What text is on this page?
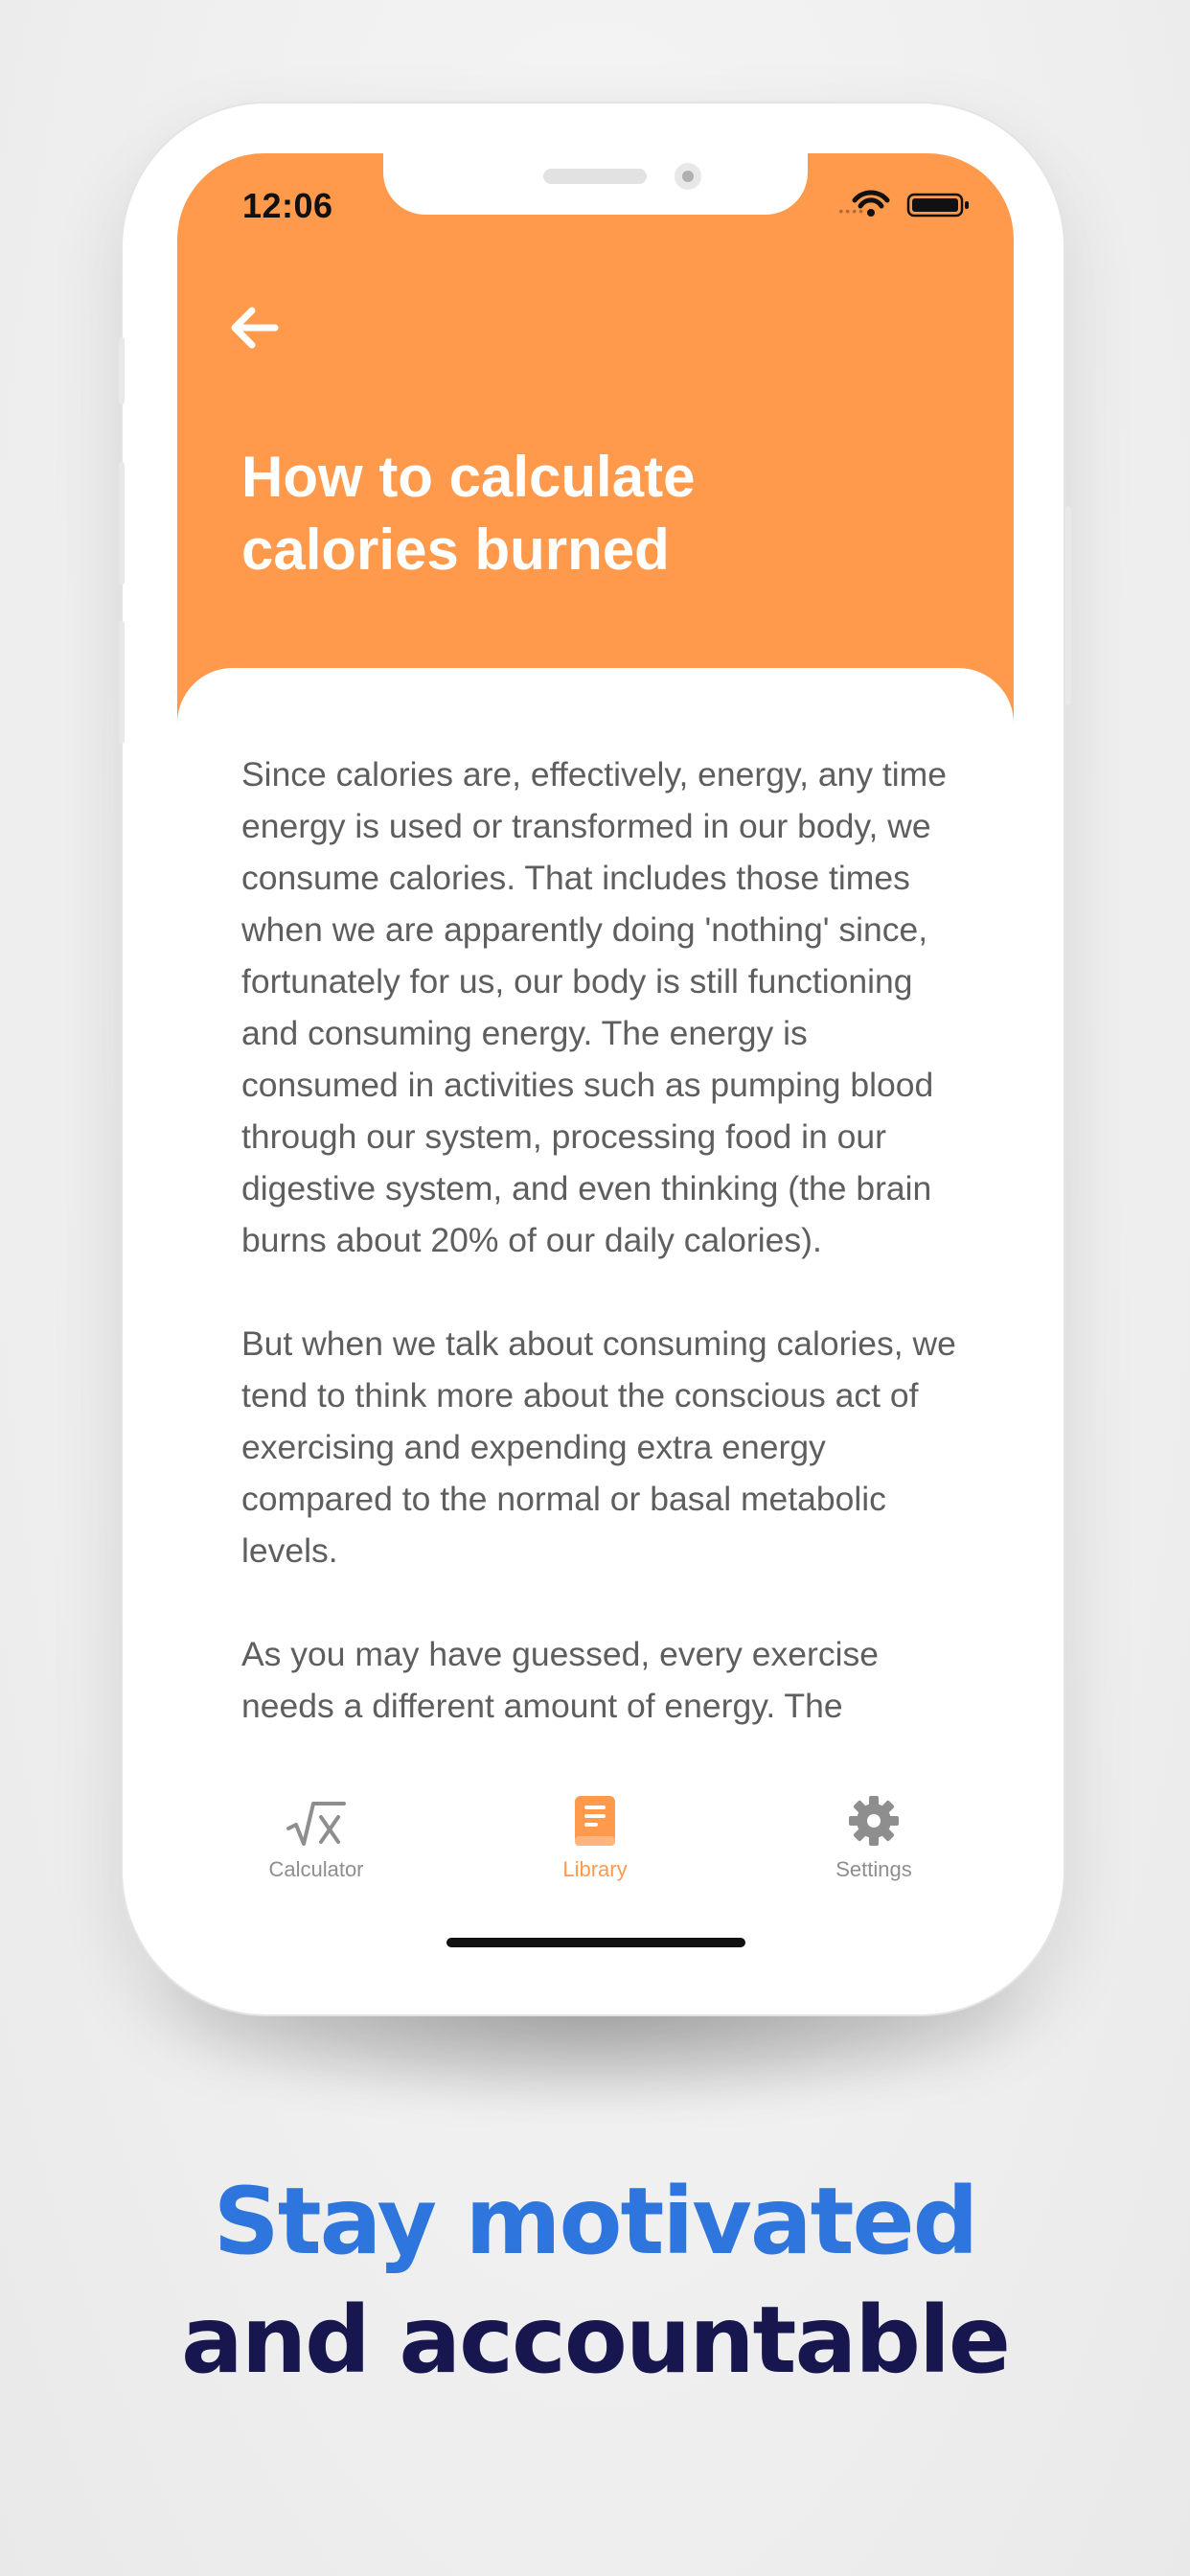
12:06	••••
How to calculate
calories burned

Since calories are, effectively, energy, any time energy is used or transformed in our body, we consume calories. That includes those times when we are apparently doing 'nothing' since, fortunately for us, our body is still functioning and consuming energy. The energy is consumed in activities such as pumping blood through our system, processing food in our digestive system, and even thinking (the brain burns about 20% of our daily calories).

But when we talk about consuming calories, we tend to think more about the conscious act of exercising and expending extra energy compared to the normal or basal metabolic levels.

As you may have guessed, every exercise needs a different amount of energy. The

Calculator	Library	Settings
Stay motivated
and accountable
